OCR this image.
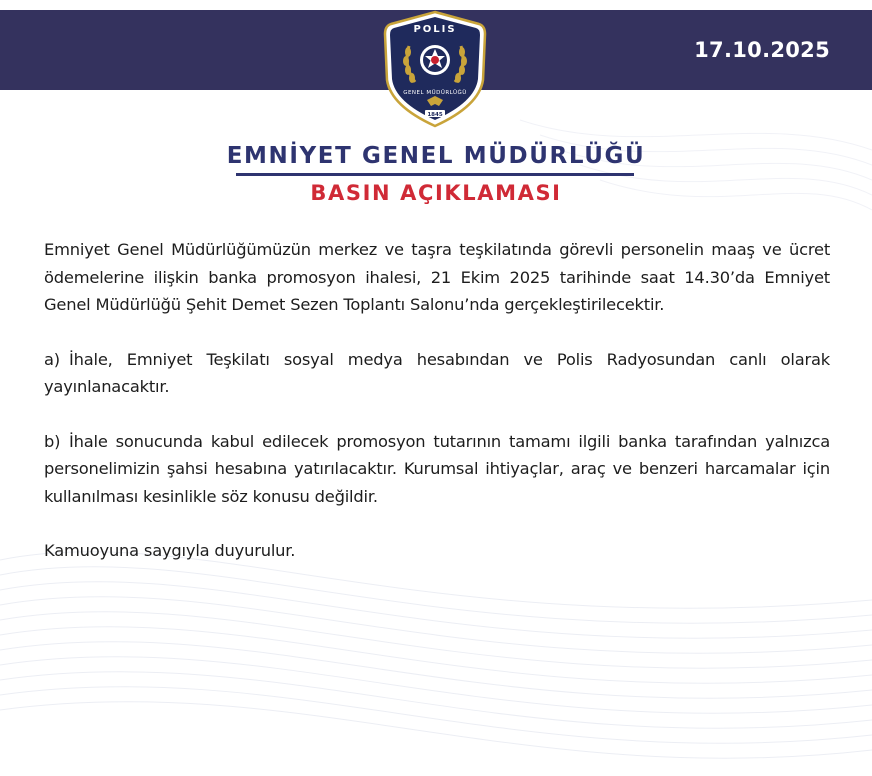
POLIS
GENEL MÜDÜRLÜĞÜ
1845
17.10.2025
EMNİYET GENEL MÜDÜRLÜĞÜ
BASIN AÇIKLAMASI

Emniyet Genel Müdürlüğümüzün merkez ve taşra teşkilatında görevli personelin maaş ve ücret ödemelerine ilişkin banka promosyon ihalesi, 21 Ekim 2025 tarihinde saat 14.30’da Emniyet Genel Müdürlüğü Şehit Demet Sezen Toplantı Salonu’nda gerçekleştirilecektir.

a) İhale, Emniyet Teşkilatı sosyal medya hesabından ve Polis Radyosundan canlı olarak yayınlanacaktır.

b) İhale sonucunda kabul edilecek promosyon tutarının tamamı ilgili banka tarafından yalnızca personelimizin şahsi hesabına yatırılacaktır. Kurumsal ihtiyaçlar, araç ve benzeri harcamalar için kullanılması kesinlikle söz konusu değildir.

Kamuoyuna saygıyla duyurulur.
